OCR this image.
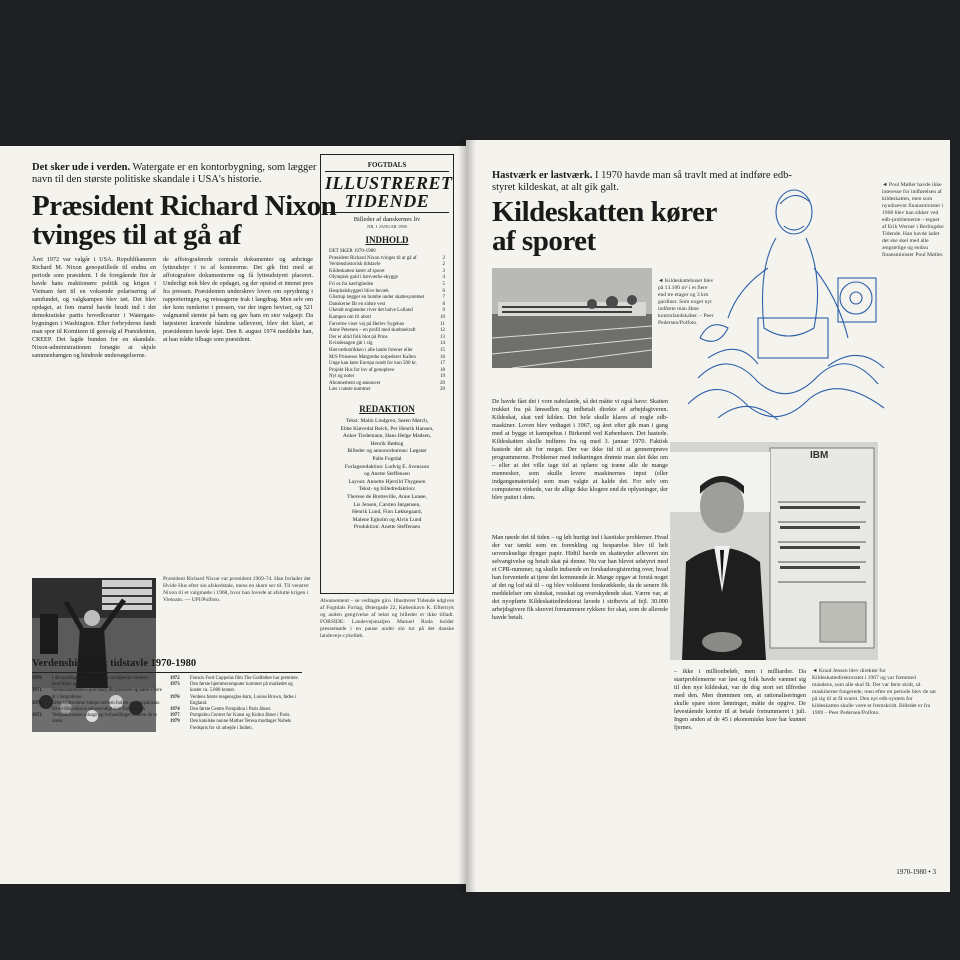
Det sker ude i verden. Watergate er en kontorbygning, som lægger navn til den største politiske skandale i USA's historie.
Præsident Richard Nixon
tvinges til at gå af
Året 1972 var valgår i USA. Republikaneren Richard M. Nixon genopstillede til endnu en periode som præsident. I de foregående fire år havde hans reaktionære politik og krigen i Vietnam ført til en voksende polarisering af samfundet, og valgkampen blev tæt. Det blev opdaget, at fem mænd havde brudt ind i det demokratiske partis hovedkvarter i Watergate-bygningen i Washington. Efter forbryderne fandt man spor til Komiteen til genvalg af Præsidenten, CREEP. Det lagde bunden for en skandale. Nixon-administrationen forsøgte at skjule sammenhængen og hindrede undersøgelserne.
de affotograferede centrale dokumenter og anbringe lytteudstyr i to af kontorerne. Det gik fint med at affotografere dokumenterne og få lytteudstyret placeret. Underligt nok blev de opdaget, og der opstod et intenst pres fra pressen. Præsidenten underskrev loven om oprydning i rapporteringen, og retssagerne trak i langdrag. Men selv om der kom rumlerier i pressen, var der ingen beviser, og 521 valgmænd stemte på ham og gav ham en stor valgsejr. Da højesteret krævede båndene udleveret, blev det klart, at præsidenten havde løjet. Den 8. august 1974 meddelte han, at han trådte tilbage som præsident.
Præsident Richard Nixon var præsident 1969-74. Han forlader det Hvide Hus efter sin afskedstale, mens en skare ser til. Til venstre: Nixon til et valgmøde i 1968, hvor han lovede at afslutte krigen i Vietnam. — UPI/Polfoto.
Verdenshistorisk tidstavle 1970-1980
1970	I det nordlige Irland udbryder uroligheder mellem katolikker og protestanter.
1971	Verdensmesteren Love Story får premiere og kører i flere år i biograferne.
1971	Efter voldsomme kampe mellem Indien og Vestpakistan bliver Østpakistan selvstændigt som Bangladesh.
1972	Vestpakistanske udsagn og forhandlinger mellem de to stater.
1972	Francis Ford Coppolas film The Godfather har premiere.
1973	Den første hjemmecomputer kommer på markedet og koster ca. 5.000 kroner.
1976	Verdens første reagensglas-barn, Louise Brown, fødes i England.
1974	Den første Centre Pompidou i Paris åbner.
1977	Pompidou Centret for Kunst og Kultur åbner i Paris.
1979	Den katolske nonne Mother Teresa modtager Nobels Fredspris for sit arbejde i Indien.
FOGTDALS
ILLUSTRERET
TIDENDE
Billeder af danskernes liv
NR. 1 JANUAR 1980
INDHOLD
DET SKER 1970-1980
Præsident Richard Nixon tvinges til at gå af	2
Verdenshistorisk tidstavle	2
Kildeskatten kører af sporet	3
Olympisk guld i hærværks-skygge	4
Fri os fra kærligheden	5
Hospitalsbyggeri blive bevæk	6
Glistrup lægger en bombe under skattesystemet	7
Danskerne får en sidste vest	8
Ukendt englænder river det halve Lolland	9
Kampen om fri abort	10
Farverne viser vej på Herlev Sygehus	11
Anne Petersen – en profil med skæbnekraft	12
Der er altid folk blot på Prins	13
Kvindesagen går i sig	14
Hærværkstrikken i alle lande forener eller	15
M/S Prinsesse Margrethe torpederer Kallen	16
Unge kan køre Europa rundt for kun 500 kr.	17
Projekt Hus for lov af genopleve	18
Nyt og noter	19
Abonnement og annoncer	20
Læs i næste nummer	20
REDAKTION
Tekst: Malin Lindgren, Søren Mørch,
Ebbe Kløvedal Reich, Per Henrik Hansen,
Anker Tiedemann, Hans Helge Madsen,
Henrik Bødtog
Billeder og annoncebureau: Løgstør
Palle Fogtdal
Forlagsredaktion: Ludvig E. Svensson
og Anette Steffensen
Layout: Annette Hjerrild Thygesen
Tekst- og billedredaktion:
Therese de Bretteville, Anne Lunøe,
Lis Jensen, Carsten Jørgensen,
Henrik Lund, Finn Løkkegaard,
Malene Egholm og Alvin Lund
Produktion: Anette Steffensen
Abonnement – se vedlagte giro. Illustreret Tidende udgives af Fogtdals Forlag, Østergade 22, København K. Eftertryk og anden gengivelse af tekst og billeder er ikke tilladt. FORSIDE: Landevejsmaljen Manuel Roda holder pressemøde i en pause under sin tur på det danske landevejs-cykelløb.
Hastværk er lastværk. I 1970 havde man så travlt med at indføre edb-styret kildeskat, at alt gik galt.
Kildeskatten kører
af sporet
◄ Kildeskattehuset blev på 13.100 m² i et flere end tre etager og 3 km gardiner. Som noget nyt indførte man åbne kontorlandskaber. – Peer Pedersen/Polfoto.
◄ Poul Møller havde ikke interesse for indførelsen af kildeskatten, men som nyudnævnt finansminister i 1968 blev han sikker ved edb-problemerne – tegnet af Erik Werner i Berlingske Tidende. Han havde ladet det ske skel med alle ængstelige og endnu finansminister Poul Møller.
De havde fået det i vore nabolande, så det måtte vi også have: Skatten trukket fra på lønsedlen og indbetalt direkte af arbejdsgiveren. Kildeskat, skat ved kilden. Det hele skulle klares af nogle edb-maskiner. Loven blev vedtaget i 1967, og året efter gik man i gang med at bygge et kæmpehus i Birkerød ved København. Det hastede. Kildeskatten skulle indføres fra og med 3. januar 1970. Faktisk hastede det alt for meget. Der var ikke tid til at gennemprøve programmerne. Problemer med indkøringen drømte man slet ikke om – eller at det ville tage tid at oplære og træne alle de mange mennesker, som skulle levere maskinernes input (eller indgangsmateriale) som man valgte at kalde det. For selv om computerne virkede, var de allige ikke klogere end de oplysninger, der blev puttet i dem.
Man nøede det til tiden – og løb hurtigt ind i kaotiske problemer. Hvad der var tænkt som en forenkling og besparelse blev til helt uoverskuelige dynger papir. Hidtil havde en skatteyder afleveret sin selvangivelse og betalt skat på denne. Nu var han blevet udstyret med et CPR-nummer, og skulle indsende en forskudsregistrering over, hvad han forventede at tjene det kommende år. Mange opgav at forstå noget af det og lod stå til – og blev voldsomt forskrækkede, da de senere fik meddelelser om slutskat, restskat og overskydende skat. Værre var, at det nyopførte Kildeskattedirektorat lavede i stribevis af fejl. 30.000 arbejdsgivere fik skrevet fornummere rykkere for skat, som de allerede havde betalt.
IBM
– ikke i millionbeløb, men i milliarder. Da startproblemerne var løst og folk havde vænnet sig til den nye kildeskat, var de dog stort set tilfredse med den. Men drømmen om, at rationaliseringen skulle spare store lønninger, måtte de opgive. De løvestående kontor til at betale fornummeret i juli. Ingen anden af de 45 i økonomiske krav har kunnet fjernes.
◄ Knud Jensen blev direktør for Kildeskattedirektoratet i 1967 og var fremmed mandens, som alle skal få. Det var først skidt, så maskinerne fungerede, men efter en periode blev de sat på sig til at få svaret. Den nyt edb-system for kildeskatten skulle være et fremskridt. Billedet er fra 1969 – Peer Pedersen/Polfoto.
1970-1980 • 3
